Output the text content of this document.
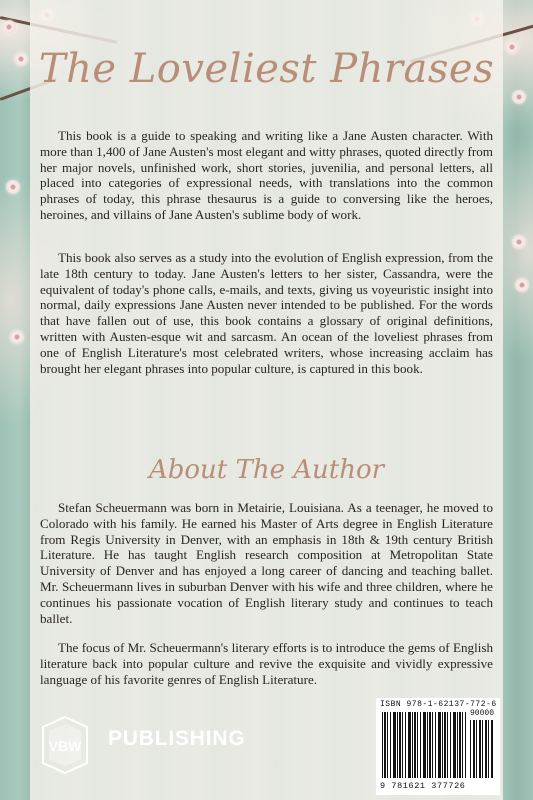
The Loveliest Phrases

This book is a guide to speaking and writing like a Jane Austen character. With more than 1,400 of Jane Austen's most elegant and witty phrases, quoted directly from her major novels, unfinished work, short stories, juvenilia, and personal letters, all placed into categories of expressional needs, with translations into the common phrases of today, this phrase thesaurus is a guide to conversing like the heroes, heroines, and villains of Jane Austen's sublime body of work.

This book also serves as a study into the evolution of English expression, from the late 18th century to today. Jane Austen's letters to her sister, Cassandra, were the equivalent of today's phone calls, e-mails, and texts, giving us voyeuristic insight into normal, daily expressions Jane Austen never intended to be published. For the words that have fallen out of use, this book contains a glossary of original definitions, written with Austen-esque wit and sarcasm. An ocean of the loveliest phrases from one of English Literature's most celebrated writers, whose increasing acclaim has brought her elegant phrases into popular culture, is captured in this book.

About The Author

Stefan Scheuermann was born in Metairie, Louisiana. As a teenager, he moved to Colorado with his family. He earned his Master of Arts degree in English Literature from Regis University in Denver, with an emphasis in 18th & 19th century British Literature. He has taught English research composition at Metropolitan State University of Denver and has enjoyed a long career of dancing and teaching ballet. Mr. Scheuermann lives in suburban Denver with his wife and three children, where he continues his passionate vocation of English literary study and continues to teach ballet.

The focus of Mr. Scheuermann's literary efforts is to introduce the gems of English literature back into popular culture and revive the exquisite and vividly expressive language of his favorite genres of English Literature.

VBW PUBLISHING
ISBN 978-1-62137-772-6
90000
9 781621 377726
